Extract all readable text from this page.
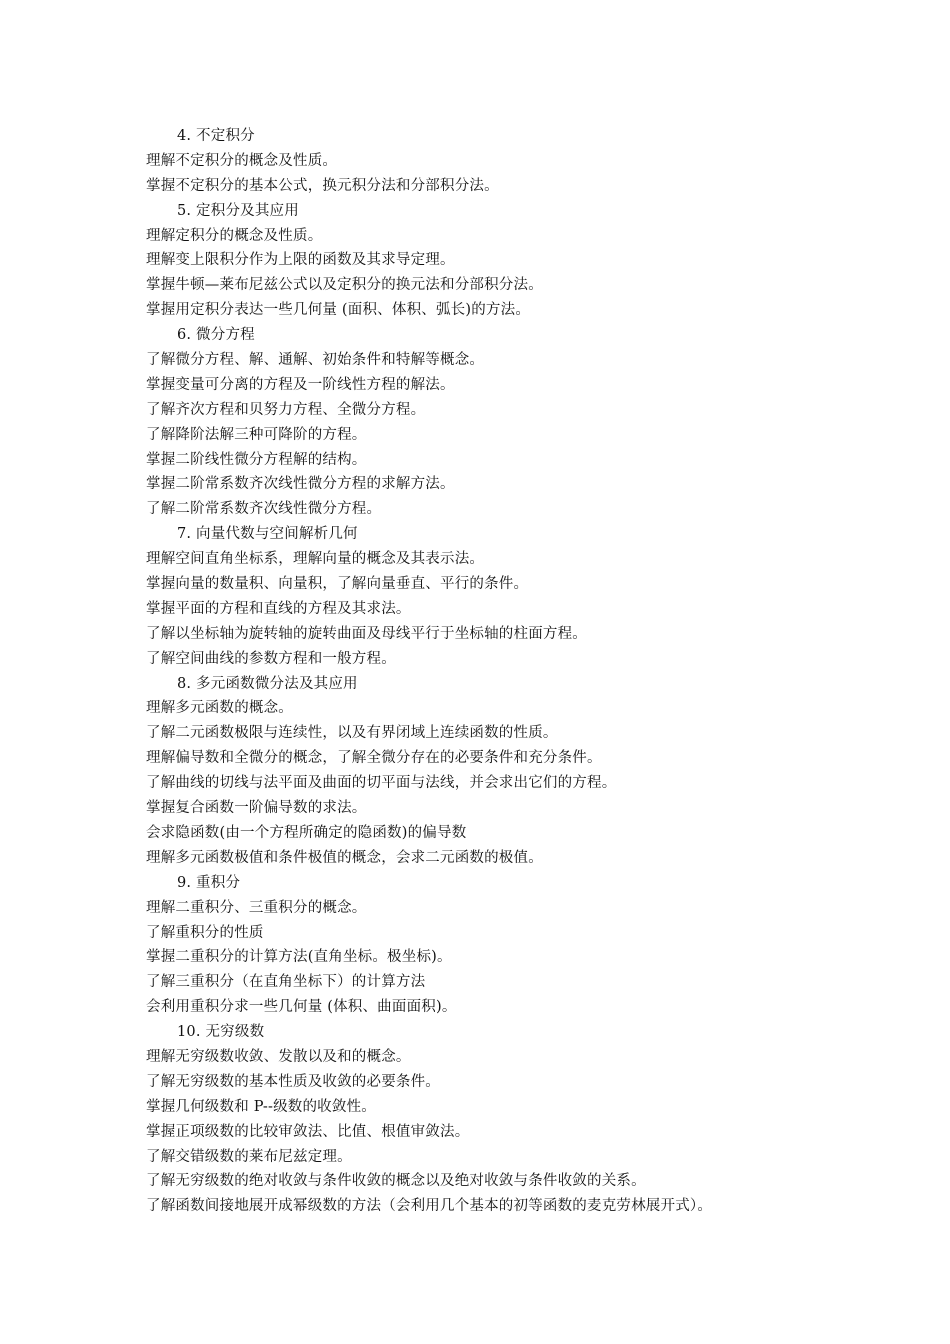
4. 不定积分
理解不定积分的概念及性质。
掌握不定积分的基本公式，换元积分法和分部积分法。
5. 定积分及其应用
理解定积分的概念及性质。
理解变上限积分作为上限的函数及其求导定理。
掌握牛顿—莱布尼兹公式以及定积分的换元法和分部积分法。
掌握用定积分表达一些几何量 (面积、体积、弧长)的方法。
6. 微分方程
了解微分方程、解、通解、初始条件和特解等概念。
掌握变量可分离的方程及一阶线性方程的解法。
了解齐次方程和贝努力方程、全微分方程。
了解降阶法解三种可降阶的方程。
掌握二阶线性微分方程解的结构。
掌握二阶常系数齐次线性微分方程的求解方法。
了解二阶常系数齐次线性微分方程。
7. 向量代数与空间解析几何
理解空间直角坐标系，理解向量的概念及其表示法。
掌握向量的数量积、向量积，了解向量垂直、平行的条件。
掌握平面的方程和直线的方程及其求法。
了解以坐标轴为旋转轴的旋转曲面及母线平行于坐标轴的柱面方程。
了解空间曲线的参数方程和一般方程。
8. 多元函数微分法及其应用
理解多元函数的概念。
了解二元函数极限与连续性，以及有界闭域上连续函数的性质。
理解偏导数和全微分的概念，了解全微分存在的必要条件和充分条件。
了解曲线的切线与法平面及曲面的切平面与法线，并会求出它们的方程。
掌握复合函数一阶偏导数的求法。
会求隐函数(由一个方程所确定的隐函数)的偏导数
理解多元函数极值和条件极值的概念，会求二元函数的极值。
9. 重积分
理解二重积分、三重积分的概念。
了解重积分的性质
掌握二重积分的计算方法(直角坐标。极坐标)。
了解三重积分（在直角坐标下）的计算方法
会利用重积分求一些几何量 (体积、曲面面积)。
10. 无穷级数
理解无穷级数收敛、发散以及和的概念。
了解无穷级数的基本性质及收敛的必要条件。
掌握几何级数和 P--级数的收敛性。
掌握正项级数的比较审敛法、比值、根值审敛法。
了解交错级数的莱布尼兹定理。
了解无穷级数的绝对收敛与条件收敛的概念以及绝对收敛与条件收敛的关系。
了解函数间接地展开成幂级数的方法（会利用几个基本的初等函数的麦克劳林展开式）。
